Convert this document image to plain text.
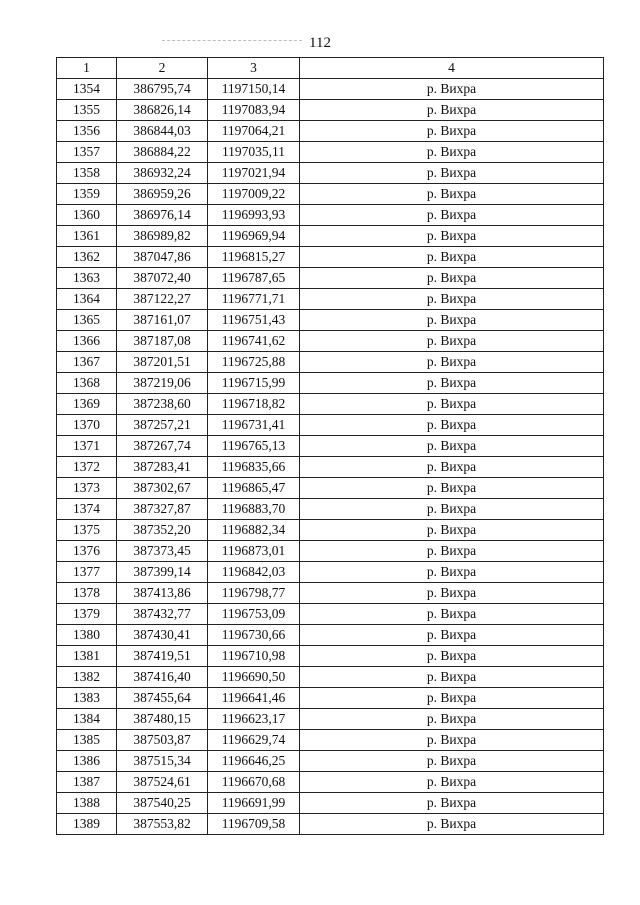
112
1	2	3	4
1354	386795,74	1197150,14	р. Вихра
1355	386826,14	1197083,94	р. Вихра
1356	386844,03	1197064,21	р. Вихра
1357	386884,22	1197035,11	р. Вихра
1358	386932,24	1197021,94	р. Вихра
1359	386959,26	1197009,22	р. Вихра
1360	386976,14	1196993,93	р. Вихра
1361	386989,82	1196969,94	р. Вихра
1362	387047,86	1196815,27	р. Вихра
1363	387072,40	1196787,65	р. Вихра
1364	387122,27	1196771,71	р. Вихра
1365	387161,07	1196751,43	р. Вихра
1366	387187,08	1196741,62	р. Вихра
1367	387201,51	1196725,88	р. Вихра
1368	387219,06	1196715,99	р. Вихра
1369	387238,60	1196718,82	р. Вихра
1370	387257,21	1196731,41	р. Вихра
1371	387267,74	1196765,13	р. Вихра
1372	387283,41	1196835,66	р. Вихра
1373	387302,67	1196865,47	р. Вихра
1374	387327,87	1196883,70	р. Вихра
1375	387352,20	1196882,34	р. Вихра
1376	387373,45	1196873,01	р. Вихра
1377	387399,14	1196842,03	р. Вихра
1378	387413,86	1196798,77	р. Вихра
1379	387432,77	1196753,09	р. Вихра
1380	387430,41	1196730,66	р. Вихра
1381	387419,51	1196710,98	р. Вихра
1382	387416,40	1196690,50	р. Вихра
1383	387455,64	1196641,46	р. Вихра
1384	387480,15	1196623,17	р. Вихра
1385	387503,87	1196629,74	р. Вихра
1386	387515,34	1196646,25	р. Вихра
1387	387524,61	1196670,68	р. Вихра
1388	387540,25	1196691,99	р. Вихра
1389	387553,82	1196709,58	р. Вихра
